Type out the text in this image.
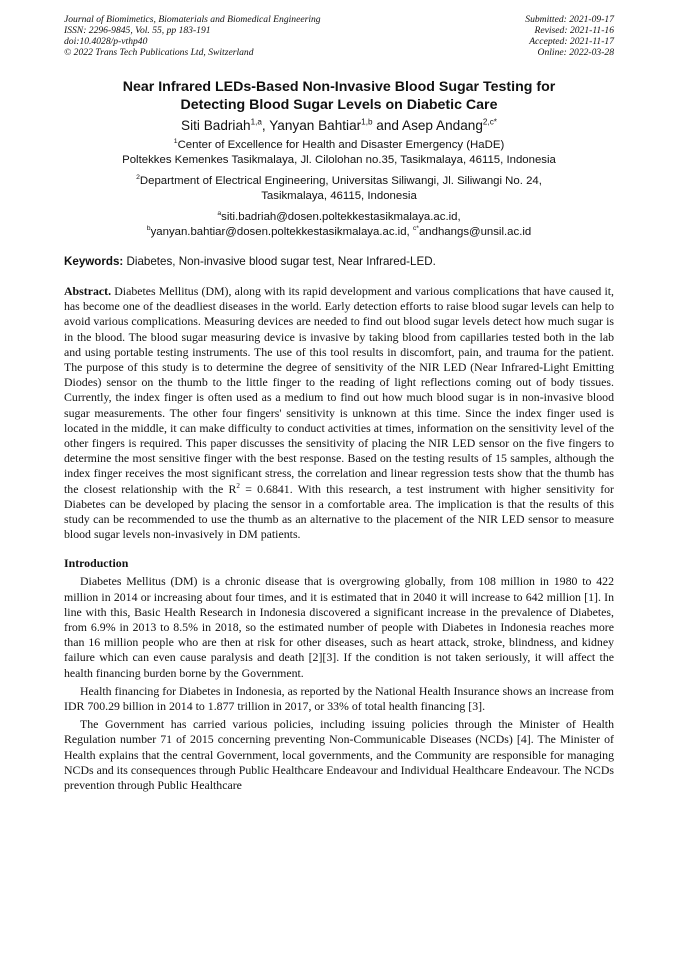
Journal of Biomimetics, Biomaterials and Biomedical Engineering
ISSN: 2296-9845, Vol. 55, pp 183-191
doi:10.4028/p-vthp40
© 2022 Trans Tech Publications Ltd, Switzerland
Submitted: 2021-09-17
Revised: 2021-11-16
Accepted: 2021-11-17
Online: 2022-03-28
Near Infrared LEDs-Based Non-Invasive Blood Sugar Testing for
Detecting Blood Sugar Levels on Diabetic Care
Siti Badriah$^{1,a}$, Yanyan Bahtiar$^{1,b}$ and Asep Andang$^{2,c*}$
$^1$Center of Excellence for Health and Disaster Emergency (HaDE)
Poltekkes Kemenkes Tasikmalaya, Jl. Cilolohan no.35, Tasikmalaya, 46115, Indonesia
$^2$Department of Electrical Engineering, Universitas Siliwangi, Jl. Siliwangi No. 24,
Tasikmalaya, 46115, Indonesia
$^a$siti.badriah@dosen.poltekkestasikmalaya.ac.id,
$^b$yanyan.bahtiar@dosen.poltekkestasikmalaya.ac.id, $^{c*}$andhangs@unsil.ac.id
Keywords: Diabetes, Non-invasive blood sugar test, Near Infrared-LED.
Abstract. Diabetes Mellitus (DM), along with its rapid development and various complications that have caused it, has become one of the deadliest diseases in the world. Early detection efforts to raise blood sugar levels can help to avoid various complications. Measuring devices are needed to find out blood sugar levels detect how much sugar is in the blood. The blood sugar measuring device is invasive by taking blood from capillaries tested both in the lab and using portable testing instruments. The use of this tool results in discomfort, pain, and trauma for the patient. The purpose of this study is to determine the degree of sensitivity of the NIR LED (Near Infrared-Light Emitting Diodes) sensor on the thumb to the little finger to the reading of light reflections coming out of body tissues. Currently, the index finger is often used as a medium to find out how much blood sugar is in non-invasive blood sugar measurements. The other four fingers' sensitivity is unknown at this time. Since the index finger used is located in the middle, it can make difficulty to conduct activities at times, information on the sensitivity level of the other fingers is required. This paper discusses the sensitivity of placing the NIR LED sensor on the five fingers to determine the most sensitive finger with the best response. Based on the testing results of 15 samples, although the index finger receives the most significant stress, the correlation and linear regression tests show that the thumb has the closest relationship with the $R^2 = 0.6841$. With this research, a test instrument with higher sensitivity for Diabetes can be developed by placing the sensor in a comfortable area. The implication is that the results of this study can be recommended to use the thumb as an alternative to the placement of the NIR LED sensor to measure blood sugar levels non-invasively in DM patients.
Introduction

Diabetes Mellitus (DM) is a chronic disease that is overgrowing globally, from 108 million in 1980 to 422 million in 2014 or increasing about four times, and it is estimated that in 2040 it will increase to 642 million [1]. In line with this, Basic Health Research in Indonesia discovered a significant increase in the prevalence of Diabetes, from 6.9% in 2013 to 8.5% in 2018, so the estimated number of people with Diabetes in Indonesia reaches more than 16 million people who are then at risk for other diseases, such as heart attack, stroke, blindness, and kidney failure which can even cause paralysis and death [2][3]. If the condition is not taken seriously, it will affect the health financing burden borne by the Government.

Health financing for Diabetes in Indonesia, as reported by the National Health Insurance shows an increase from IDR 700.29 billion in 2014 to 1.877 trillion in 2017, or 33% of total health financing [3].

The Government has carried various policies, including issuing policies through the Minister of Health Regulation number 71 of 2015 concerning preventing Non-Communicable Diseases (NCDs) [4]. The Minister of Health explains that the central Government, local governments, and the Community are responsible for managing NCDs and its consequences through Public Healthcare Endeavour and Individual Healthcare Endeavour. The NCDs prevention through Public Healthcare
